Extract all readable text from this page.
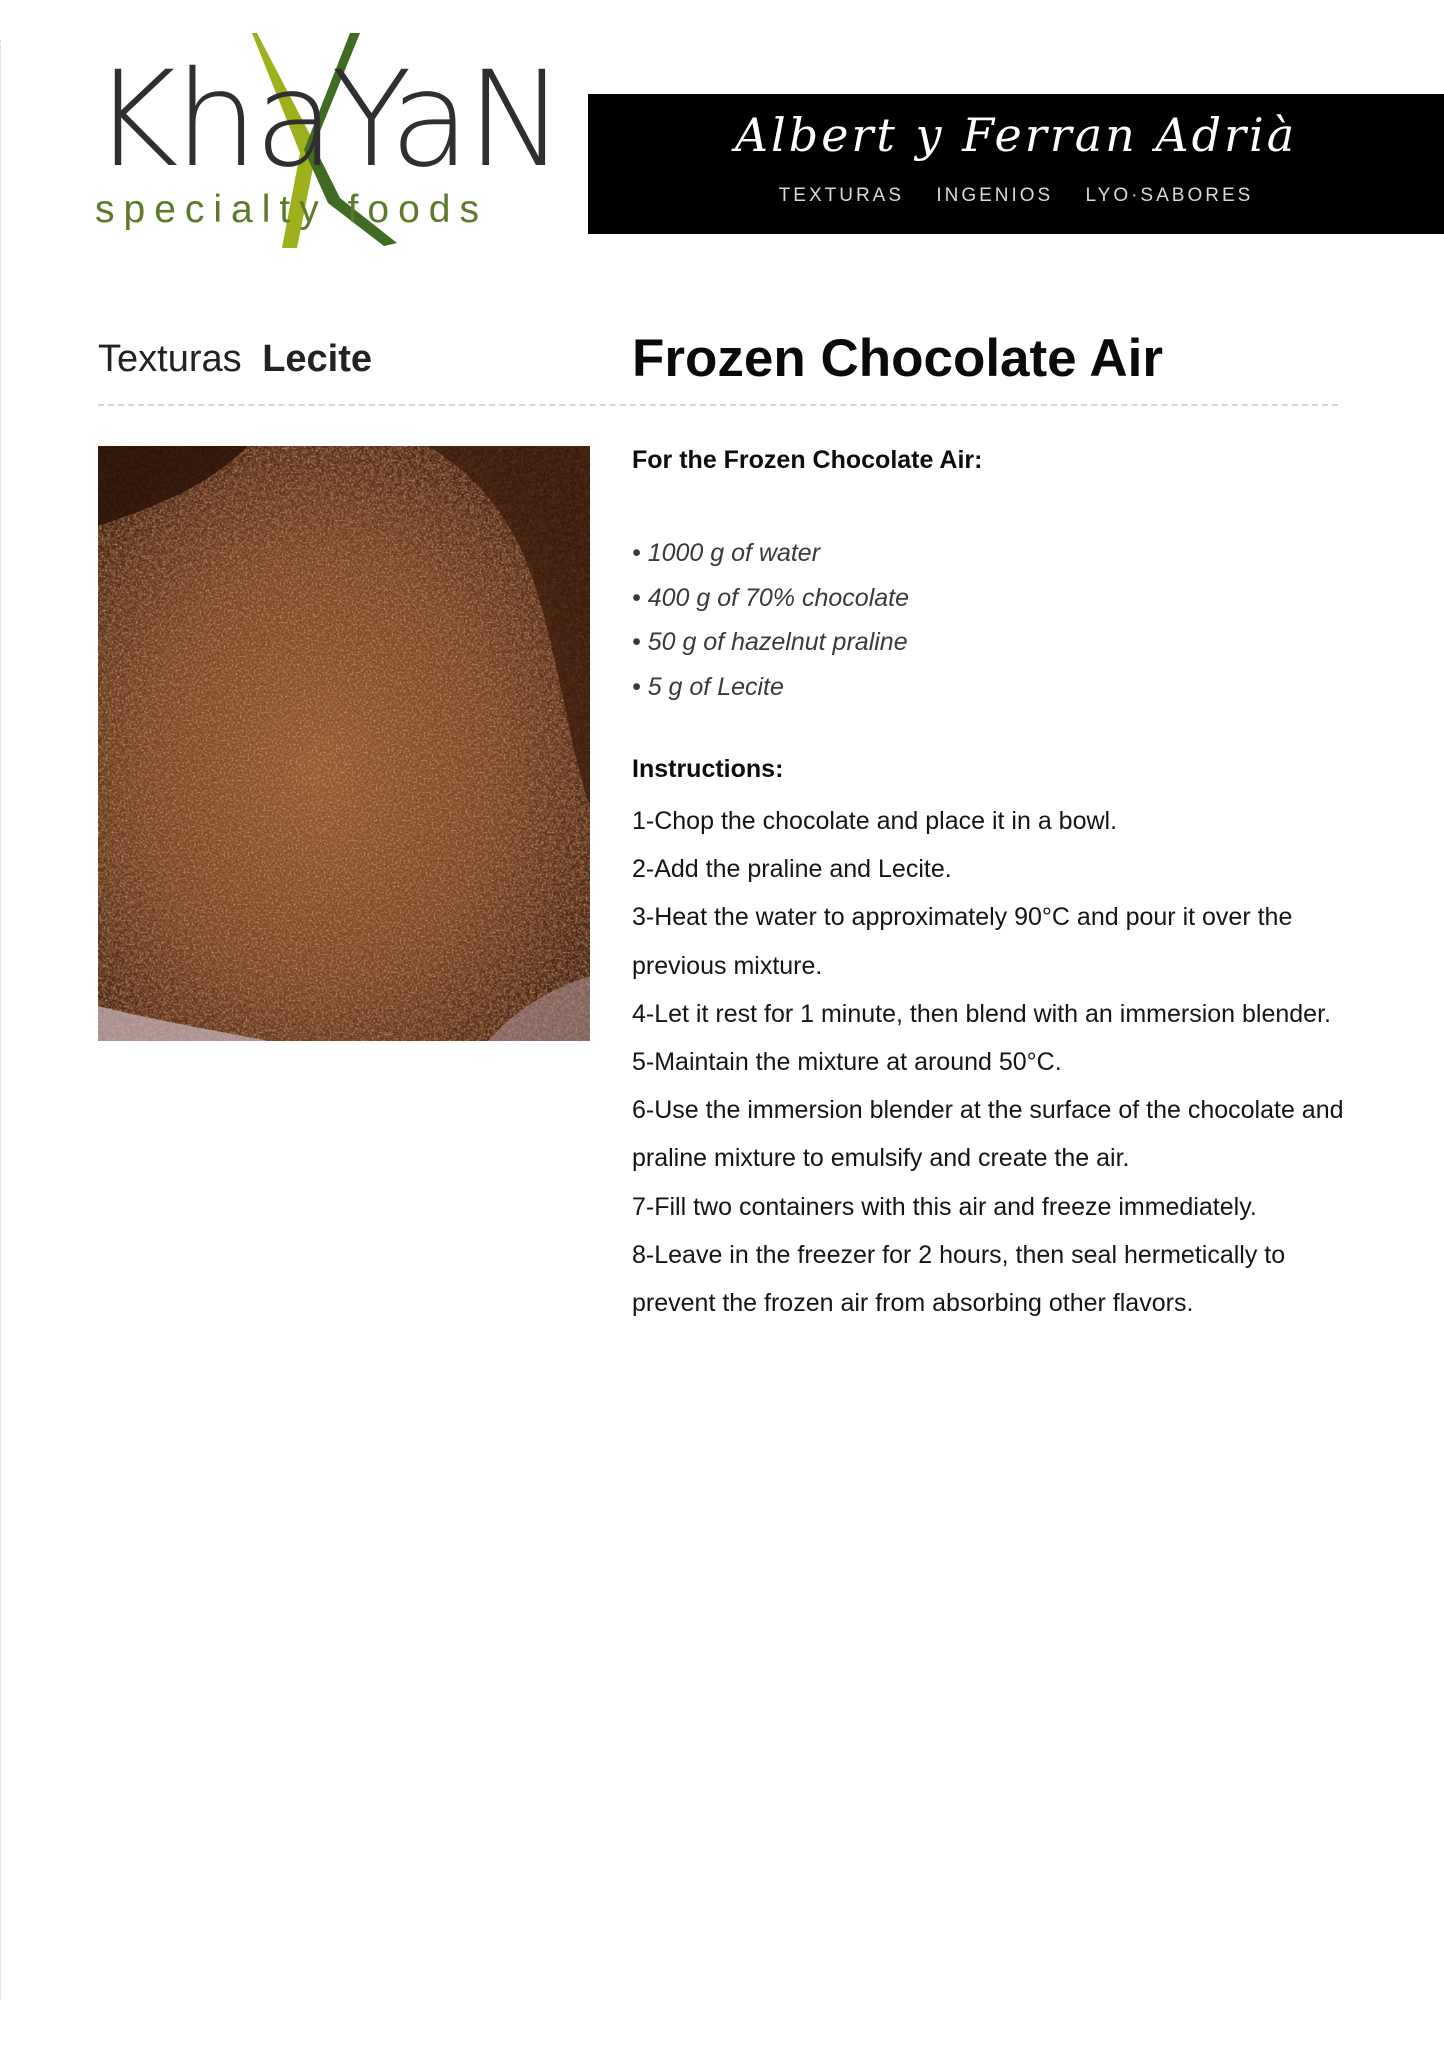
KhaYaN
specialty foods
Albert y Ferran Adrià
TEXTURAS INGENIOS LYO·SABORES
Texturas Lecite	Frozen Chocolate Air

For the Frozen Chocolate Air:

• 1000 g of water
• 400 g of 70% chocolate
• 50 g of hazelnut praline
• 5 g of Lecite

Instructions:

1-Chop the chocolate and place it in a bowl.
2-Add the praline and Lecite.
3-Heat the water to approximately 90°C and pour it over the previous mixture.
4-Let it rest for 1 minute, then blend with an immersion blender.
5-Maintain the mixture at around 50°C.
6-Use the immersion blender at the surface of the chocolate and praline mixture to emulsify and create the air.
7-Fill two containers with this air and freeze immediately.
8-Leave in the freezer for 2 hours, then seal hermetically to prevent the frozen air from absorbing other flavors.
